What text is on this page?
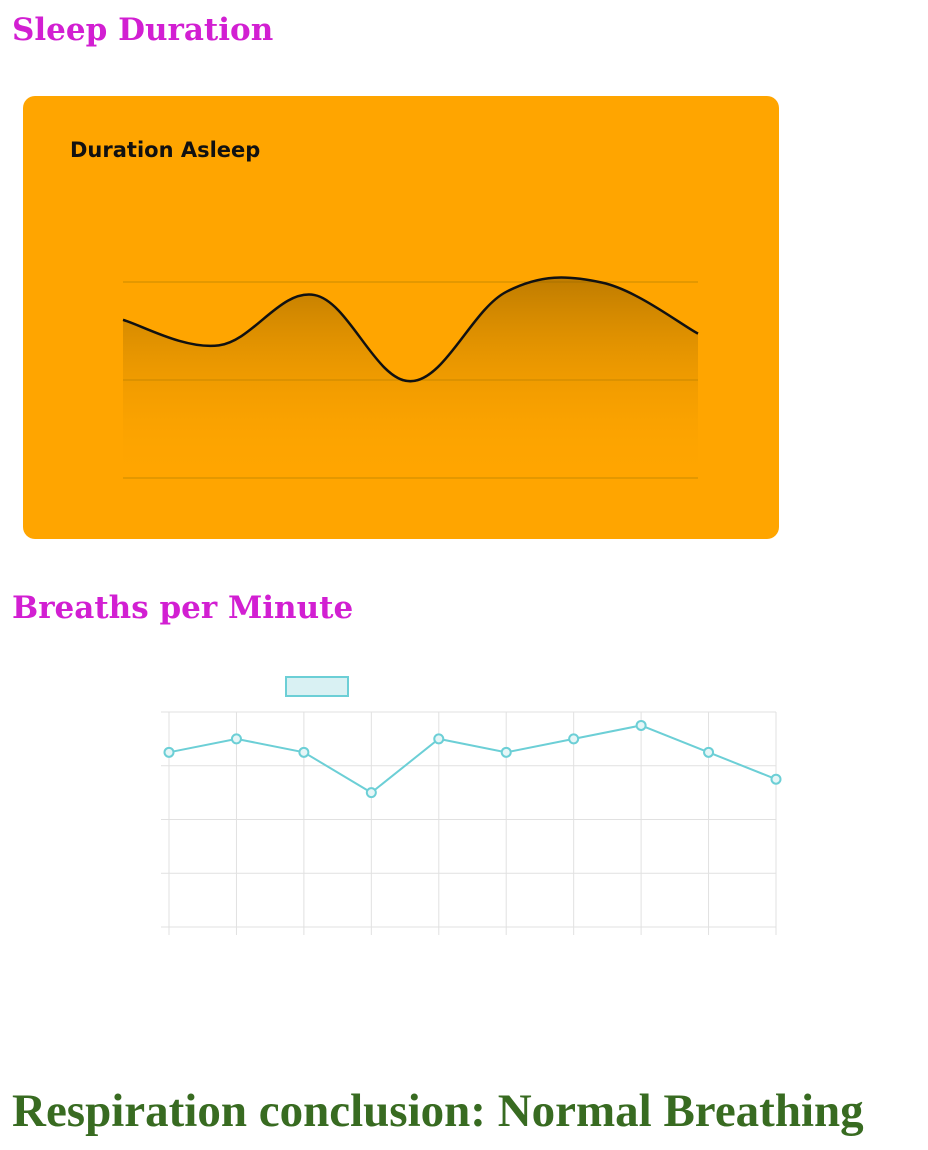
Sleep Duration
Duration Asleep
Breaths per Minute
Respiration conclusion: Normal Breathing
